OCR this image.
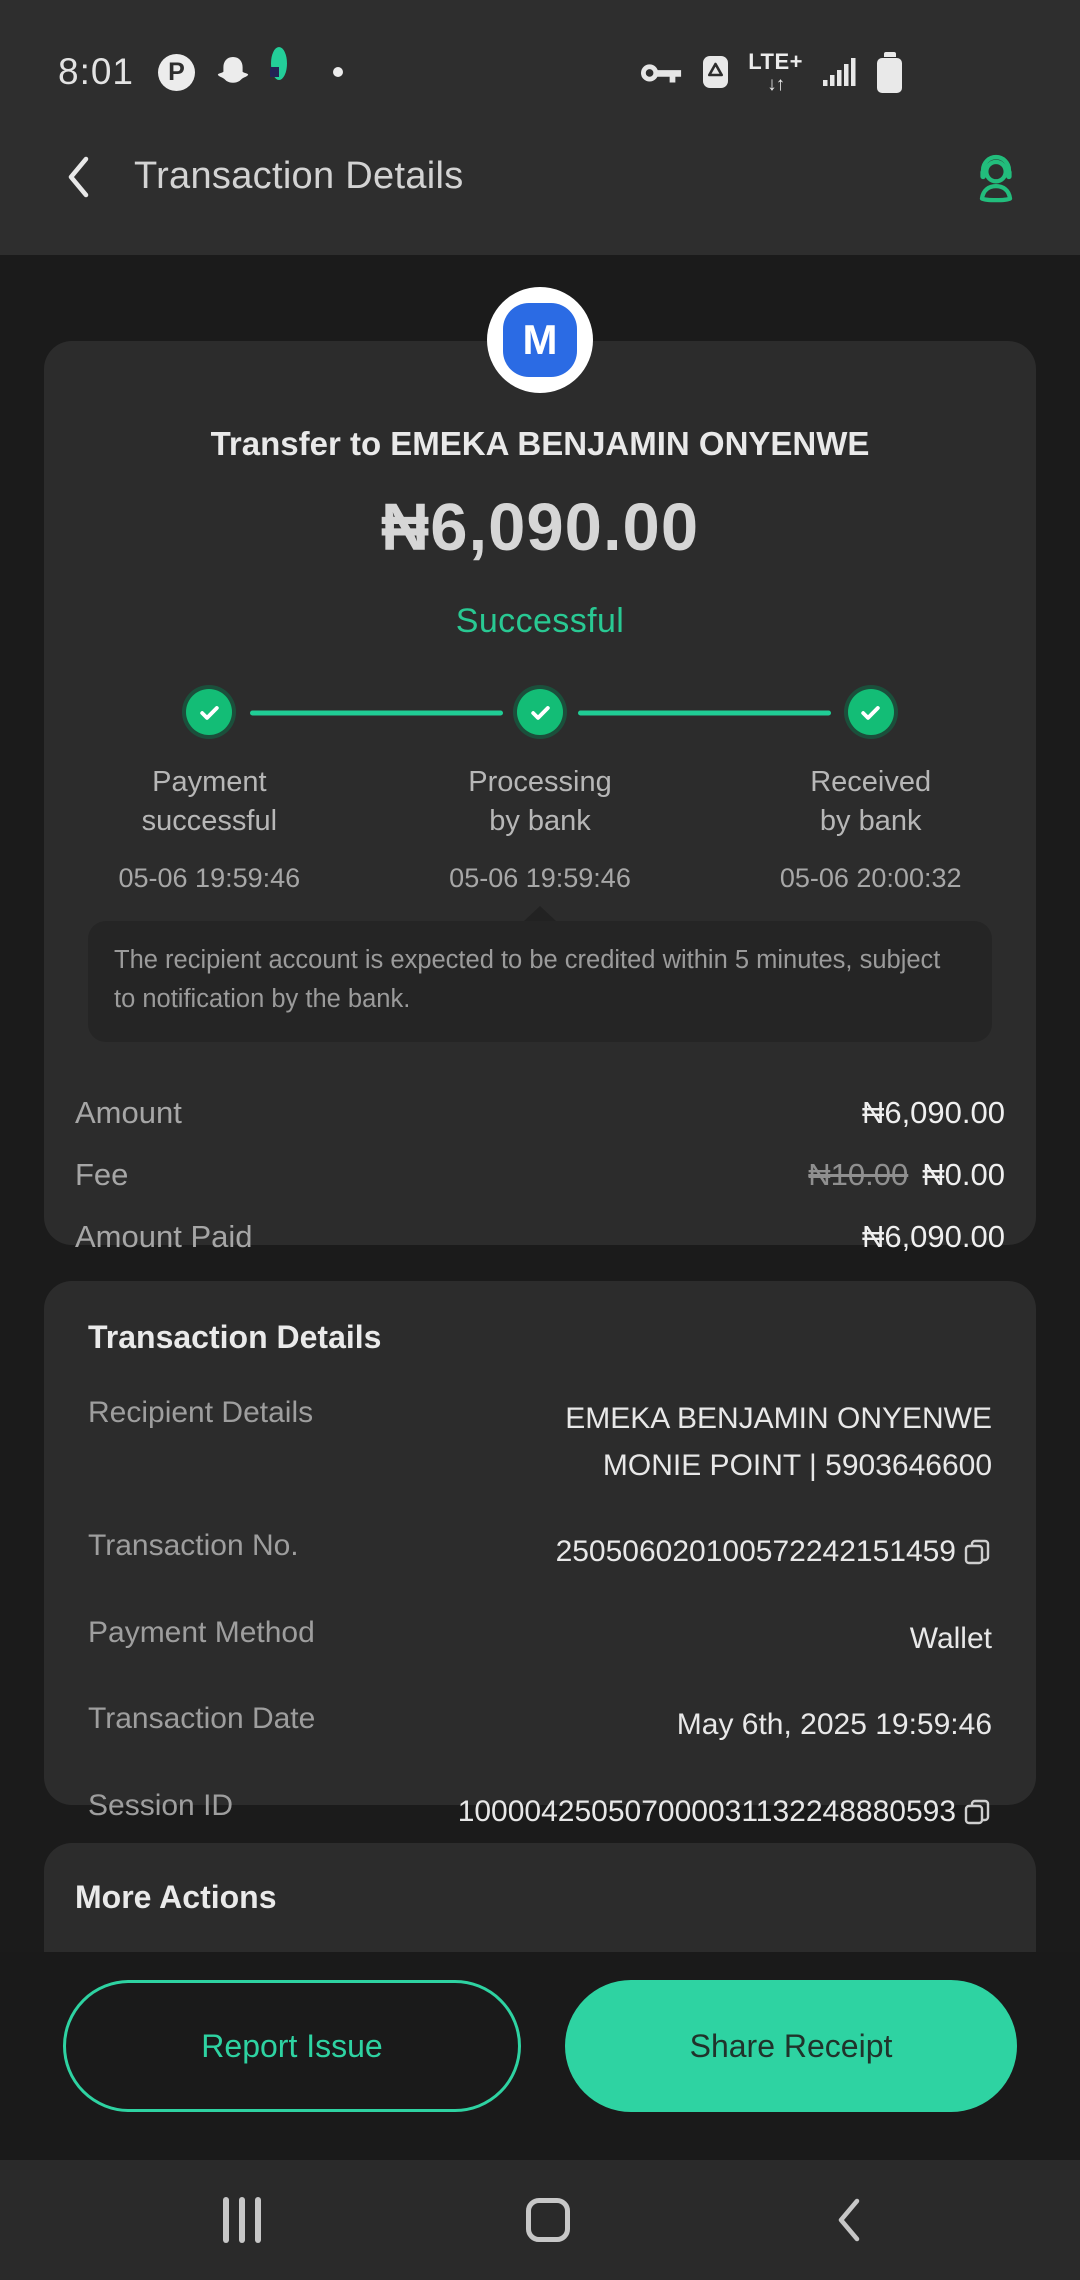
8:01 P	LTE+
↓↑
Transaction Details
M
Transfer to EMEKA BENJAMIN ONYENWE
₦6,090.00
Successful
Payment
successful
Processing
by bank
Received
by bank
05-06 19:59:46	05-06 19:59:46	05-06 20:00:32
The recipient account is expected to be credited within 5 minutes, subject to notification by the bank.
Amount	₦6,090.00
Fee	₦10.00 ₦0.00
Amount Paid	₦6,090.00
Transaction Details
Recipient Details	EMEKA BENJAMIN ONYENWE
MONIE POINT | 5903646600
Transaction No.	250506020100572242151459
Payment Method	Wallet
Transaction Date	May 6th, 2025 19:59:46
Session ID	100004250507000031132248880593
More Actions
Report Issue	Share Receipt
